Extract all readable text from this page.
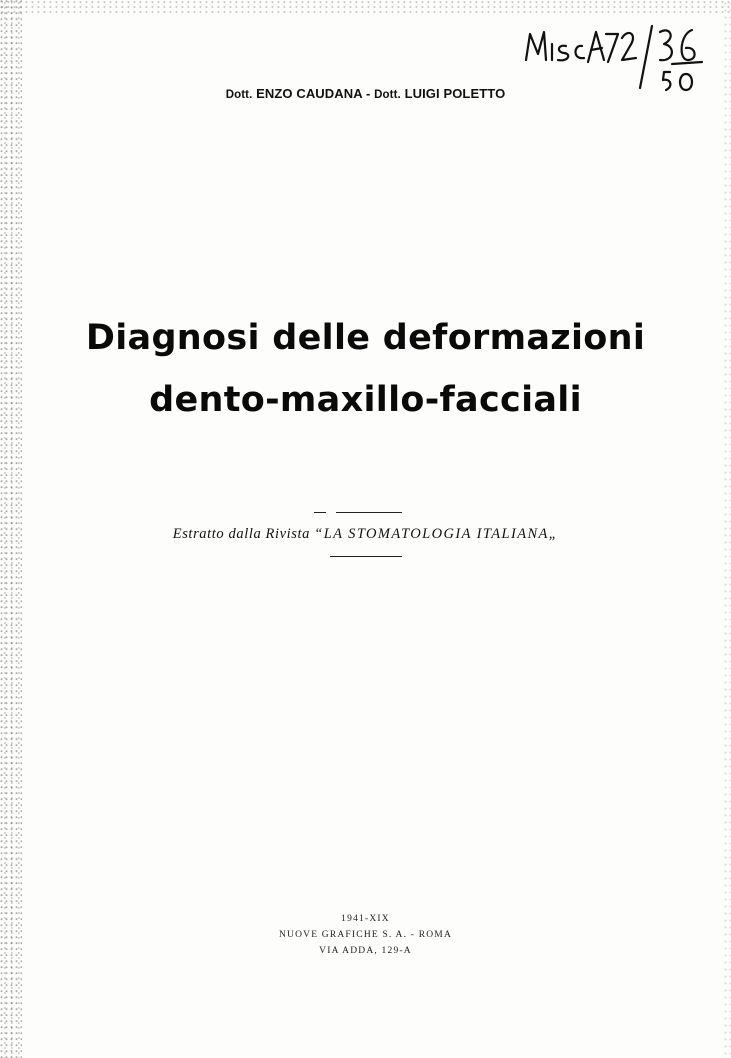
Misc A72/36 50
Dott. ENZO CAUDANA - Dott. LUIGI POLETTO
Diagnosi delle deformazioni
dento-maxillo-facciali
Estratto dalla Rivista “LA STOMATOLOGIA ITALIANA„
1941-XIX
NUOVE GRAFICHE S. A. - ROMA
VIA ADDA, 129-A
